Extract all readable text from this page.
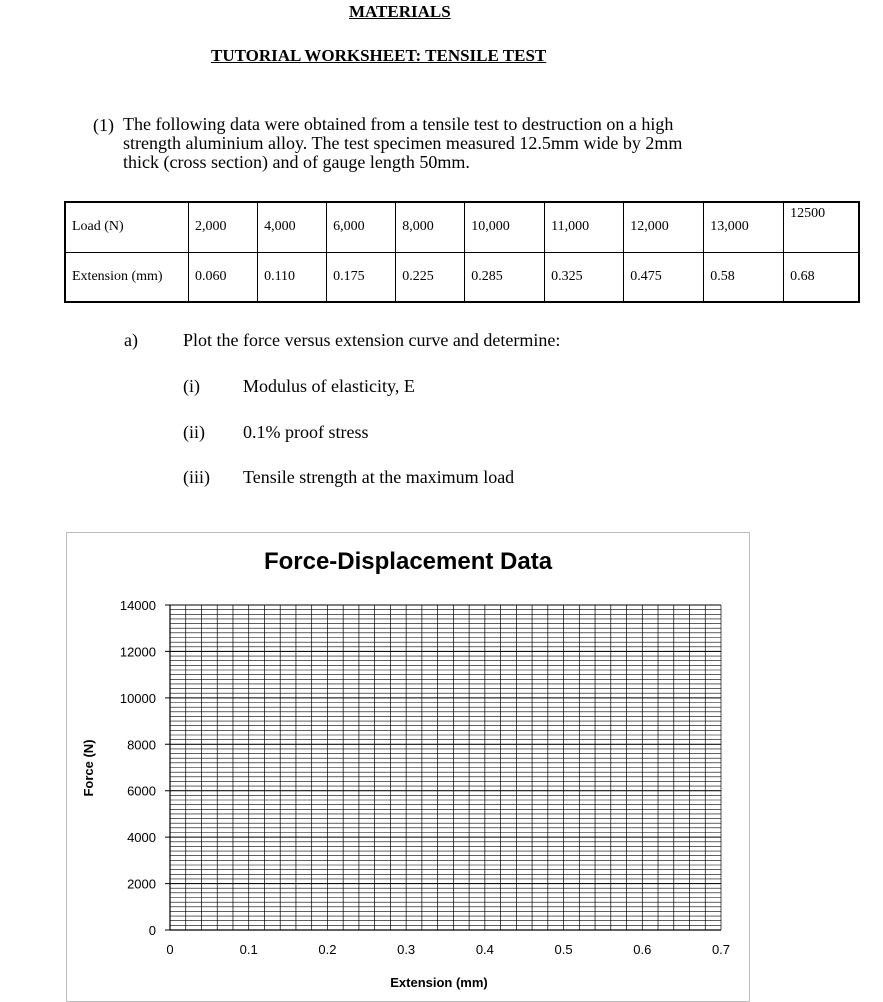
MATERIALS
TUTORIAL WORKSHEET: TENSILE TEST
(1) The following data were obtained from a tensile test to destruction on a high
strength aluminium alloy. The test specimen measured 12.5mm wide by 2mm
thick (cross section) and of gauge length 50mm.
Load (N)	2,000	4,000	6,000	8,000	10,000	11,000	12,000	13,000	12500
Extension (mm)	0.060	0.110	0.175	0.225	0.285	0.325	0.475	0.58	0.68
a)	Plot the force versus extension curve and determine:
(i) Modulus of elasticity, E
(ii) 0.1% proof stress
(iii) Tensile strength at the maximum load
Force-Displacement Data
0	0.1	0.2	0.3	0.4	0.5	0.6	0.7
0
2000
4000
6000
8000
10000
12000
14000
Extension (mm)
Force (N)
